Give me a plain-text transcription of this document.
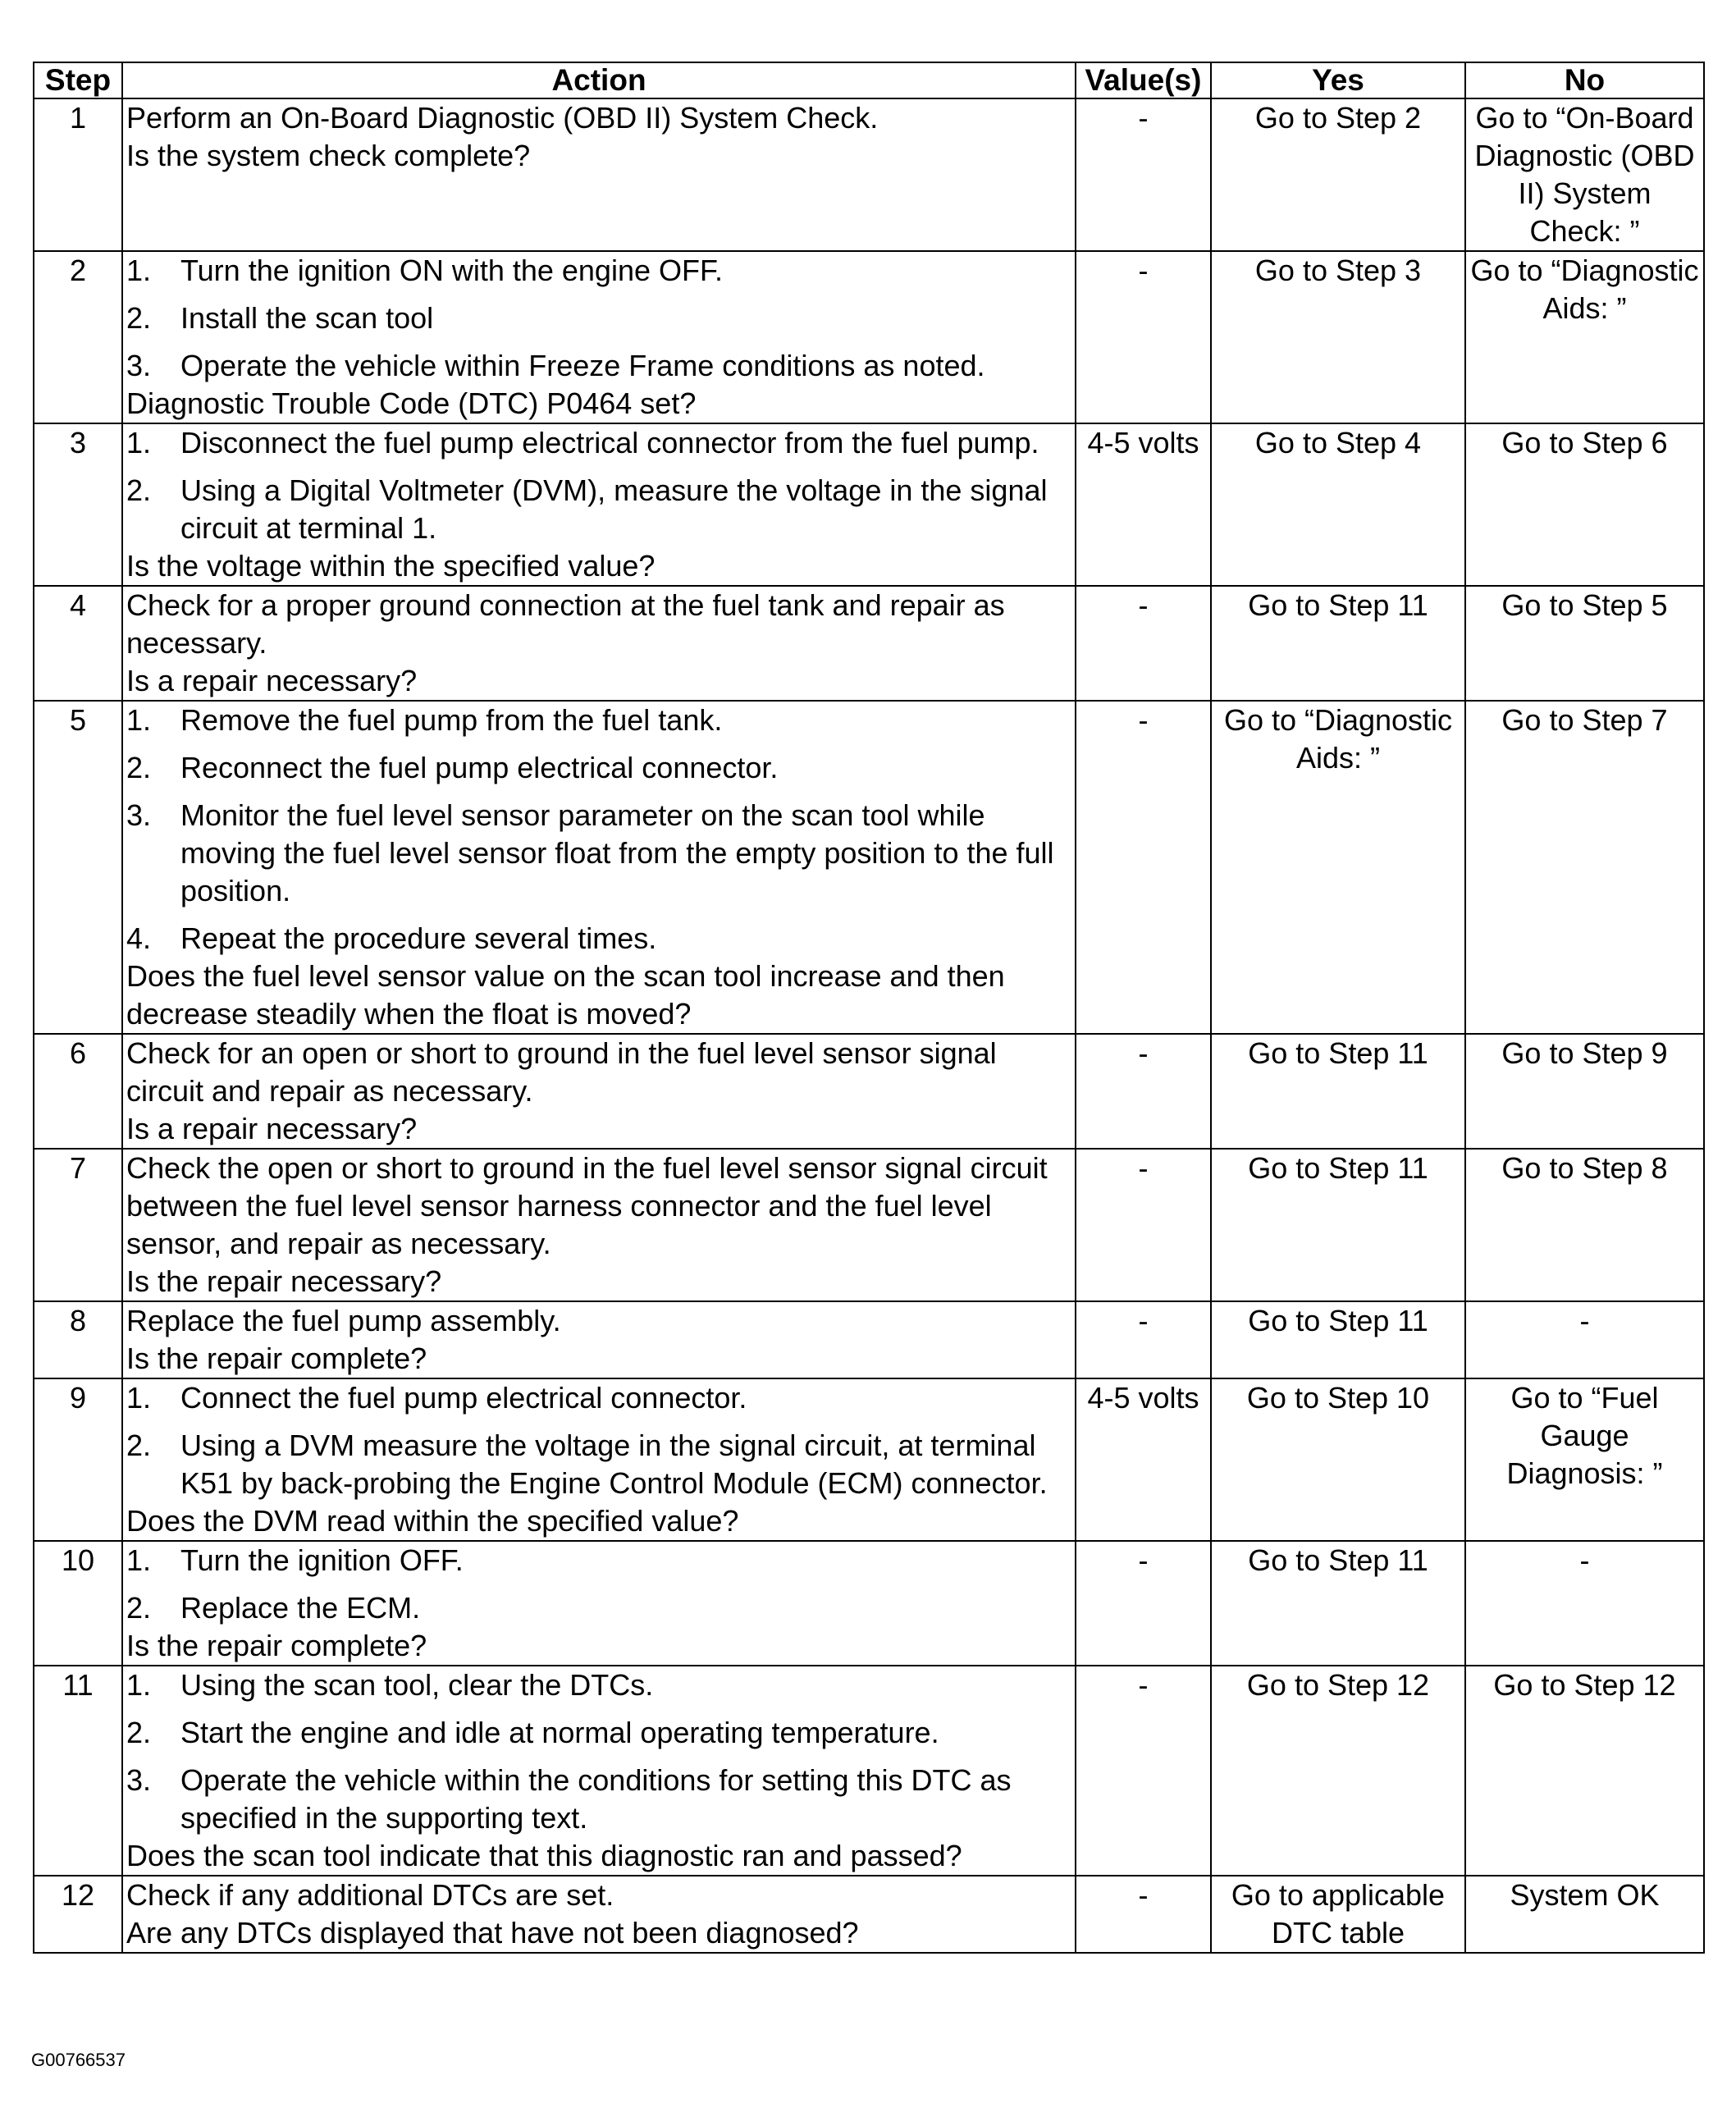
Step	Action	Value(s)	Yes	No
1	Perform an On-Board Diagnostic (OBD II) System Check.
Is the system check complete?	-	Go to Step 2	Go to “On-Board Diagnostic (OBD II) System Check: ”
2	1. Turn the ignition ON with the engine OFF.
2. Install the scan tool
3. Operate the vehicle within Freeze Frame conditions as noted.
Diagnostic Trouble Code (DTC) P0464 set?	-	Go to Step 3	Go to “Diagnostic Aids: ”
3	1. Disconnect the fuel pump electrical connector from the fuel pump.
2. Using a Digital Voltmeter (DVM), measure the voltage in the signal circuit at terminal 1.
Is the voltage within the specified value?	4-5 volts	Go to Step 4	Go to Step 6
4	Check for a proper ground connection at the fuel tank and repair as necessary.
Is a repair necessary?	-	Go to Step 11	Go to Step 5
5	1. Remove the fuel pump from the fuel tank.
2. Reconnect the fuel pump electrical connector.
3. Monitor the fuel level sensor parameter on the scan tool while moving the fuel level sensor float from the empty position to the full position.
4. Repeat the procedure several times.
Does the fuel level sensor value on the scan tool increase and then decrease steadily when the float is moved?	-	Go to “Diagnostic Aids: ”	Go to Step 7
6	Check for an open or short to ground in the fuel level sensor signal circuit and repair as necessary.
Is a repair necessary?	-	Go to Step 11	Go to Step 9
7	Check the open or short to ground in the fuel level sensor signal circuit between the fuel level sensor harness connector and the fuel level sensor, and repair as necessary.
Is the repair necessary?	-	Go to Step 11	Go to Step 8
8	Replace the fuel pump assembly.
Is the repair complete?	-	Go to Step 11	-
9	1. Connect the fuel pump electrical connector.
2. Using a DVM measure the voltage in the signal circuit, at terminal K51 by back-probing the Engine Control Module (ECM) connector.
Does the DVM read within the specified value?	4-5 volts	Go to Step 10	Go to “Fuel Gauge Diagnosis: ”
10	1. Turn the ignition OFF.
2. Replace the ECM.
Is the repair complete?	-	Go to Step 11	-
11	1. Using the scan tool, clear the DTCs.
2. Start the engine and idle at normal operating temperature.
3. Operate the vehicle within the conditions for setting this DTC as specified in the supporting text.
Does the scan tool indicate that this diagnostic ran and passed?	-	Go to Step 12	Go to Step 12
12	Check if any additional DTCs are set.
Are any DTCs displayed that have not been diagnosed?	-	Go to applicable DTC table	System OK
G00766537
